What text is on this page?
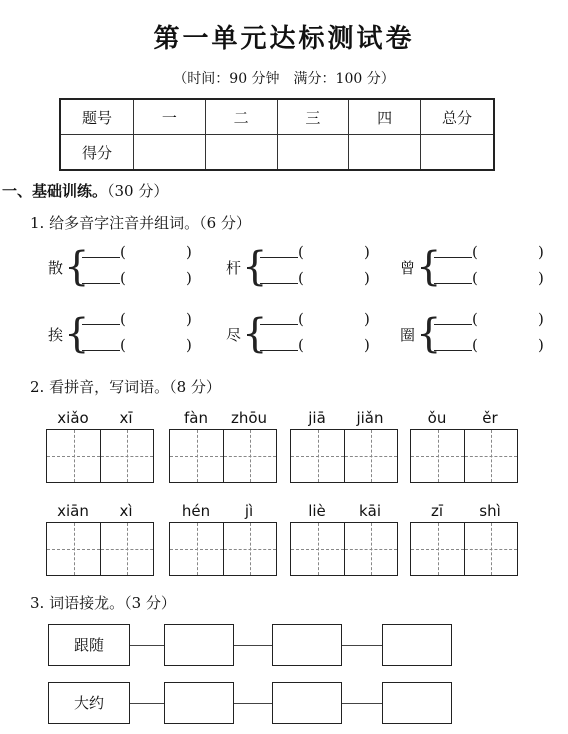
第一单元达标测试卷
（时间：90 分钟　满分：100 分）
题号	一	二	三	四	总分
得分					
一、基础训练。（30 分）
1. 给多音字注音并组词。（6 分）
散 { (	)
(	)
杆 { (	)
(	)
曾 { (	)
(	)
挨 { (	)
(	)
尽 { (	)
(	)
圈 { (	)
(	)
2. 看拼音，写词语。（8 分）
xiǎo	xī	fàn	zhōu	jiā	jiǎn	ǒu	ěr
xiān	xì	hén	jì	liè	kāi	zī	shì
3. 词语接龙。（3 分）
跟随
大约
